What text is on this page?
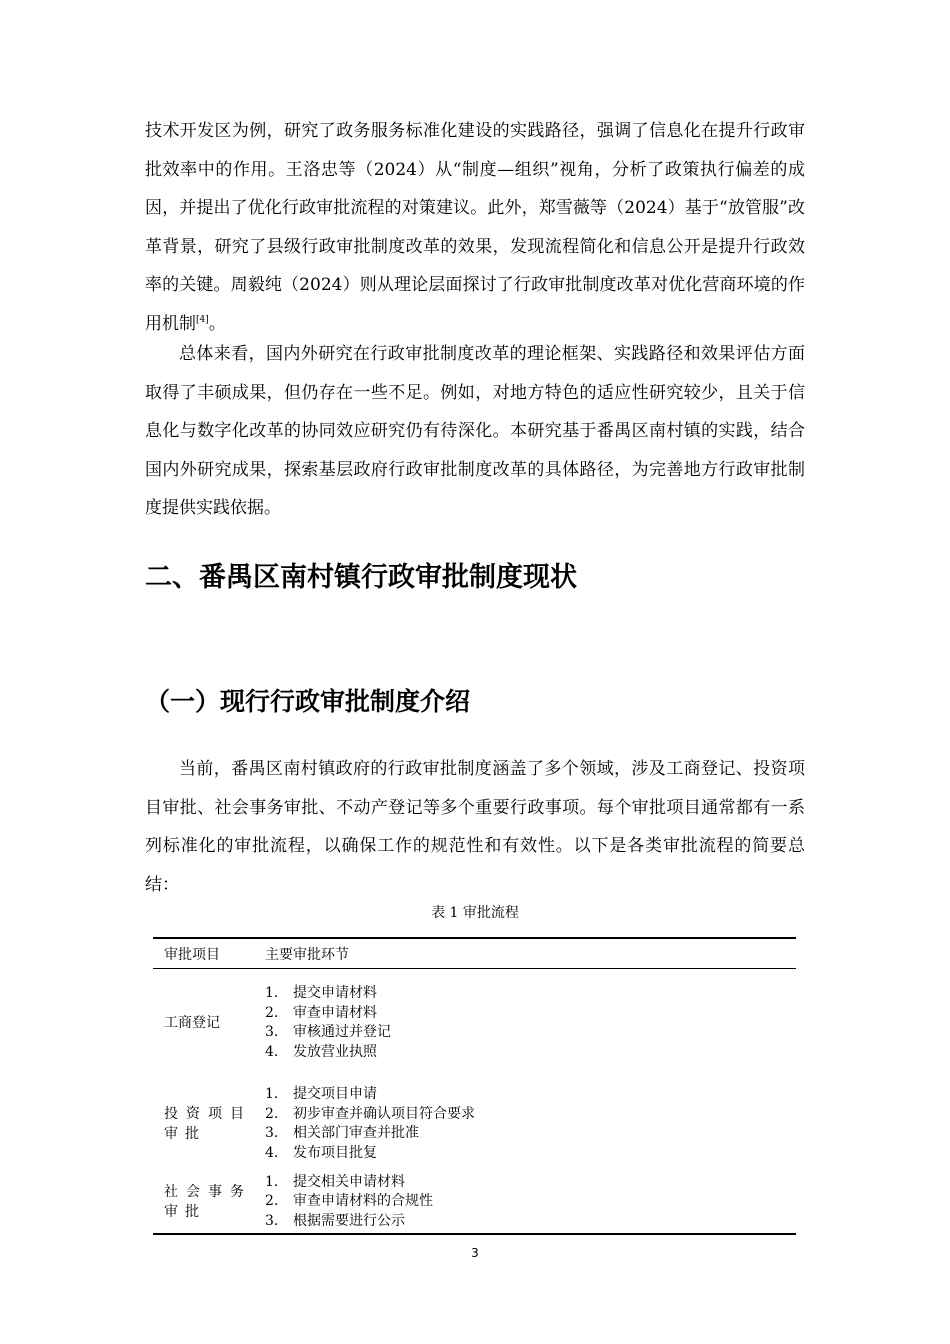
技术开发区为例，研究了政务服务标准化建设的实践路径，强调了信息化在提升行政审批效率中的作用。王洛忠等（2024）从“制度—组织”视角，分析了政策执行偏差的成因，并提出了优化行政审批流程的对策建议。此外，郑雪薇等（2024）基于“放管服”改革背景，研究了县级行政审批制度改革的效果，发现流程简化和信息公开是提升行政效率的关键。周毅纯（2024）则从理论层面探讨了行政审批制度改革对优化营商环境的作用机制[4]。

总体来看，国内外研究在行政审批制度改革的理论框架、实践路径和效果评估方面取得了丰硕成果，但仍存在一些不足。例如，对地方特色的适应性研究较少，且关于信息化与数字化改革的协同效应研究仍有待深化。本研究基于番禺区南村镇的实践，结合国内外研究成果，探索基层政府行政审批制度改革的具体路径，为完善地方行政审批制度提供实践依据。

二、番禺区南村镇行政审批制度现状
（一）现行行政审批制度介绍

当前，番禺区南村镇政府的行政审批制度涵盖了多个领域，涉及工商登记、投资项目审批、社会事务审批、不动产登记等多个重要行政事项。每个审批项目通常都有一系列标准化的审批流程，以确保工作的规范性和有效性。以下是各类审批流程的简要总结：

表 1 审批流程
审批项目	主要审批环节
工商登记
1. 提交申请材料
2. 审查申请材料
3. 审核通过并登记
4. 发放营业执照
投资项目审批
1. 提交项目申请
2. 初步审查并确认项目符合要求
3. 相关部门审查并批准
4. 发布项目批复
社会事务审批
1. 提交相关申请材料
2. 审查申请材料的合规性
3. 根据需要进行公示
3
